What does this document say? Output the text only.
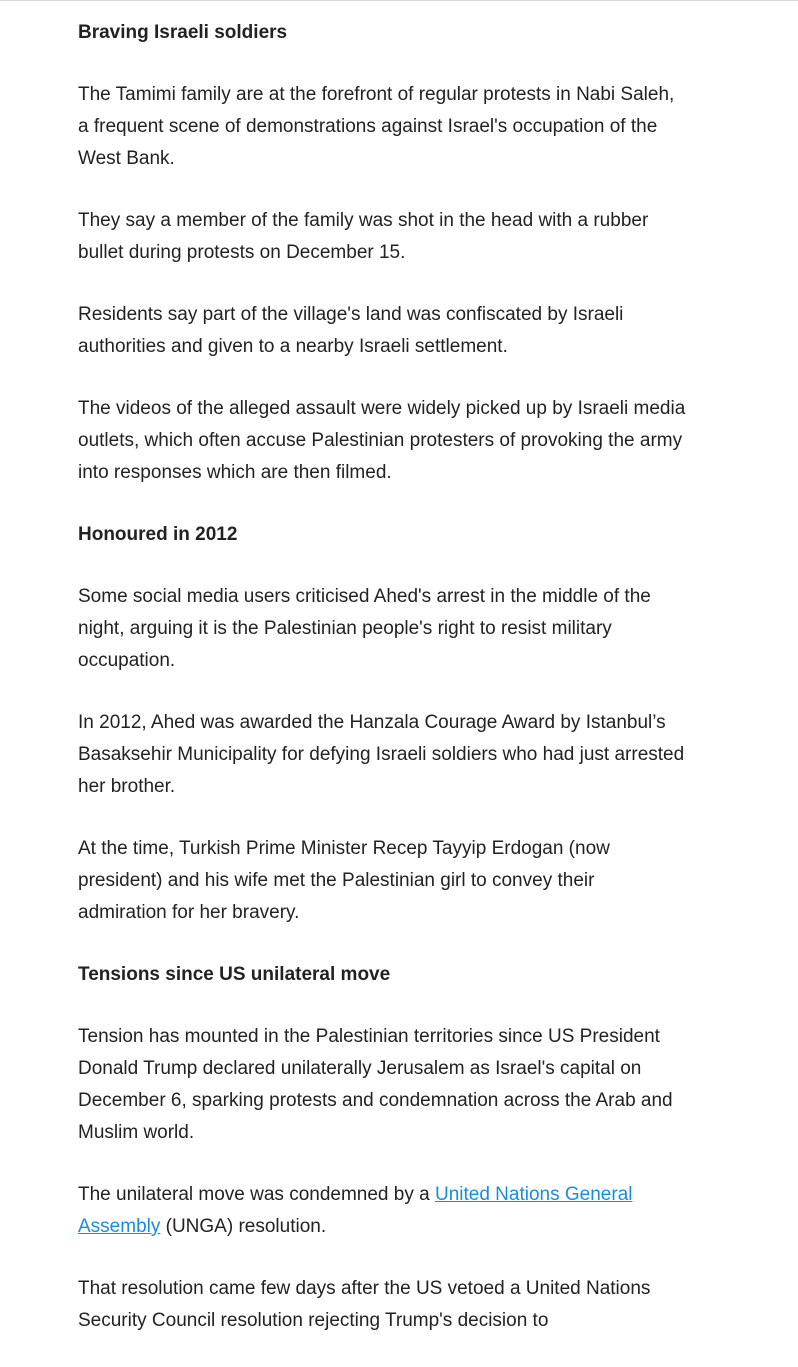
Braving Israeli soldiers

The Tamimi family are at the forefront of regular protests in Nabi Saleh, a frequent scene of demonstrations against Israel's occupation of the West Bank.

They say a member of the family was shot in the head with a rubber bullet during protests on December 15.

Residents say part of the village's land was confiscated by Israeli authorities and given to a nearby Israeli settlement.

The videos of the alleged assault were widely picked up by Israeli media outlets, which often accuse Palestinian protesters of provoking the army into responses which are then filmed.

Honoured in 2012

Some social media users criticised Ahed's arrest in the middle of the night, arguing it is the Palestinian people's right to resist military occupation.

In 2012, Ahed was awarded the Hanzala Courage Award by Istanbul’s Basaksehir Municipality for defying Israeli soldiers who had just arrested her brother.

At the time, Turkish Prime Minister Recep Tayyip Erdogan (now president) and his wife met the Palestinian girl to convey their admiration for her bravery.

Tensions since US unilateral move

Tension has mounted in the Palestinian territories since US President Donald Trump declared unilaterally Jerusalem as Israel's capital on December 6, sparking protests and condemnation across the Arab and Muslim world.

The unilateral move was condemned by a United Nations General Assembly (UNGA) resolution.

That resolution came few days after the US vetoed a United Nations Security Council resolution rejecting Trump's decision to
